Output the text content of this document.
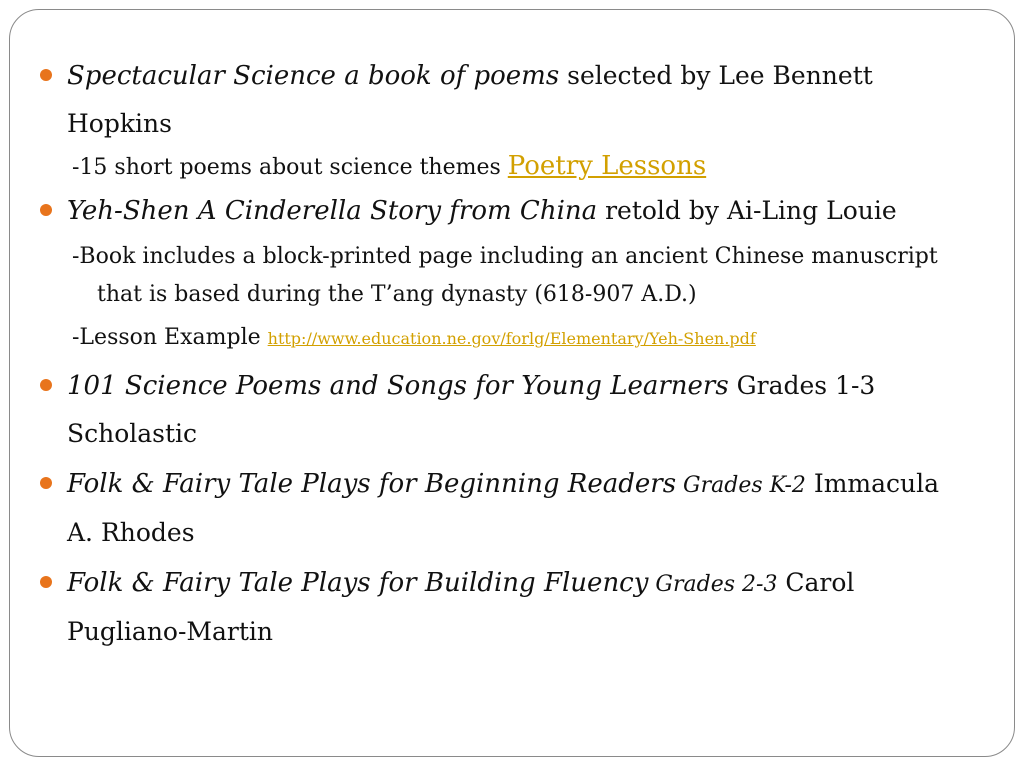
Spectacular Science a book of poems selected by Lee Bennett Hopkins

-15 short poems about science themes Poetry Lessons

Yeh-Shen A Cinderella Story from China retold by Ai-Ling Louie

-Book includes a block-printed page including an ancient Chinese manuscript that is based during the T’ang dynasty (618-907 A.D.)

-Lesson Example http://www.education.ne.gov/forlg/Elementary/Yeh-Shen.pdf

101 Science Poems and Songs for Young Learners Grades 1-3 Scholastic

Folk & Fairy Tale Plays for Beginning Readers Grades K-2 Immacula A. Rhodes

Folk & Fairy Tale Plays for Building Fluency Grades 2-3 Carol Pugliano-Martin
